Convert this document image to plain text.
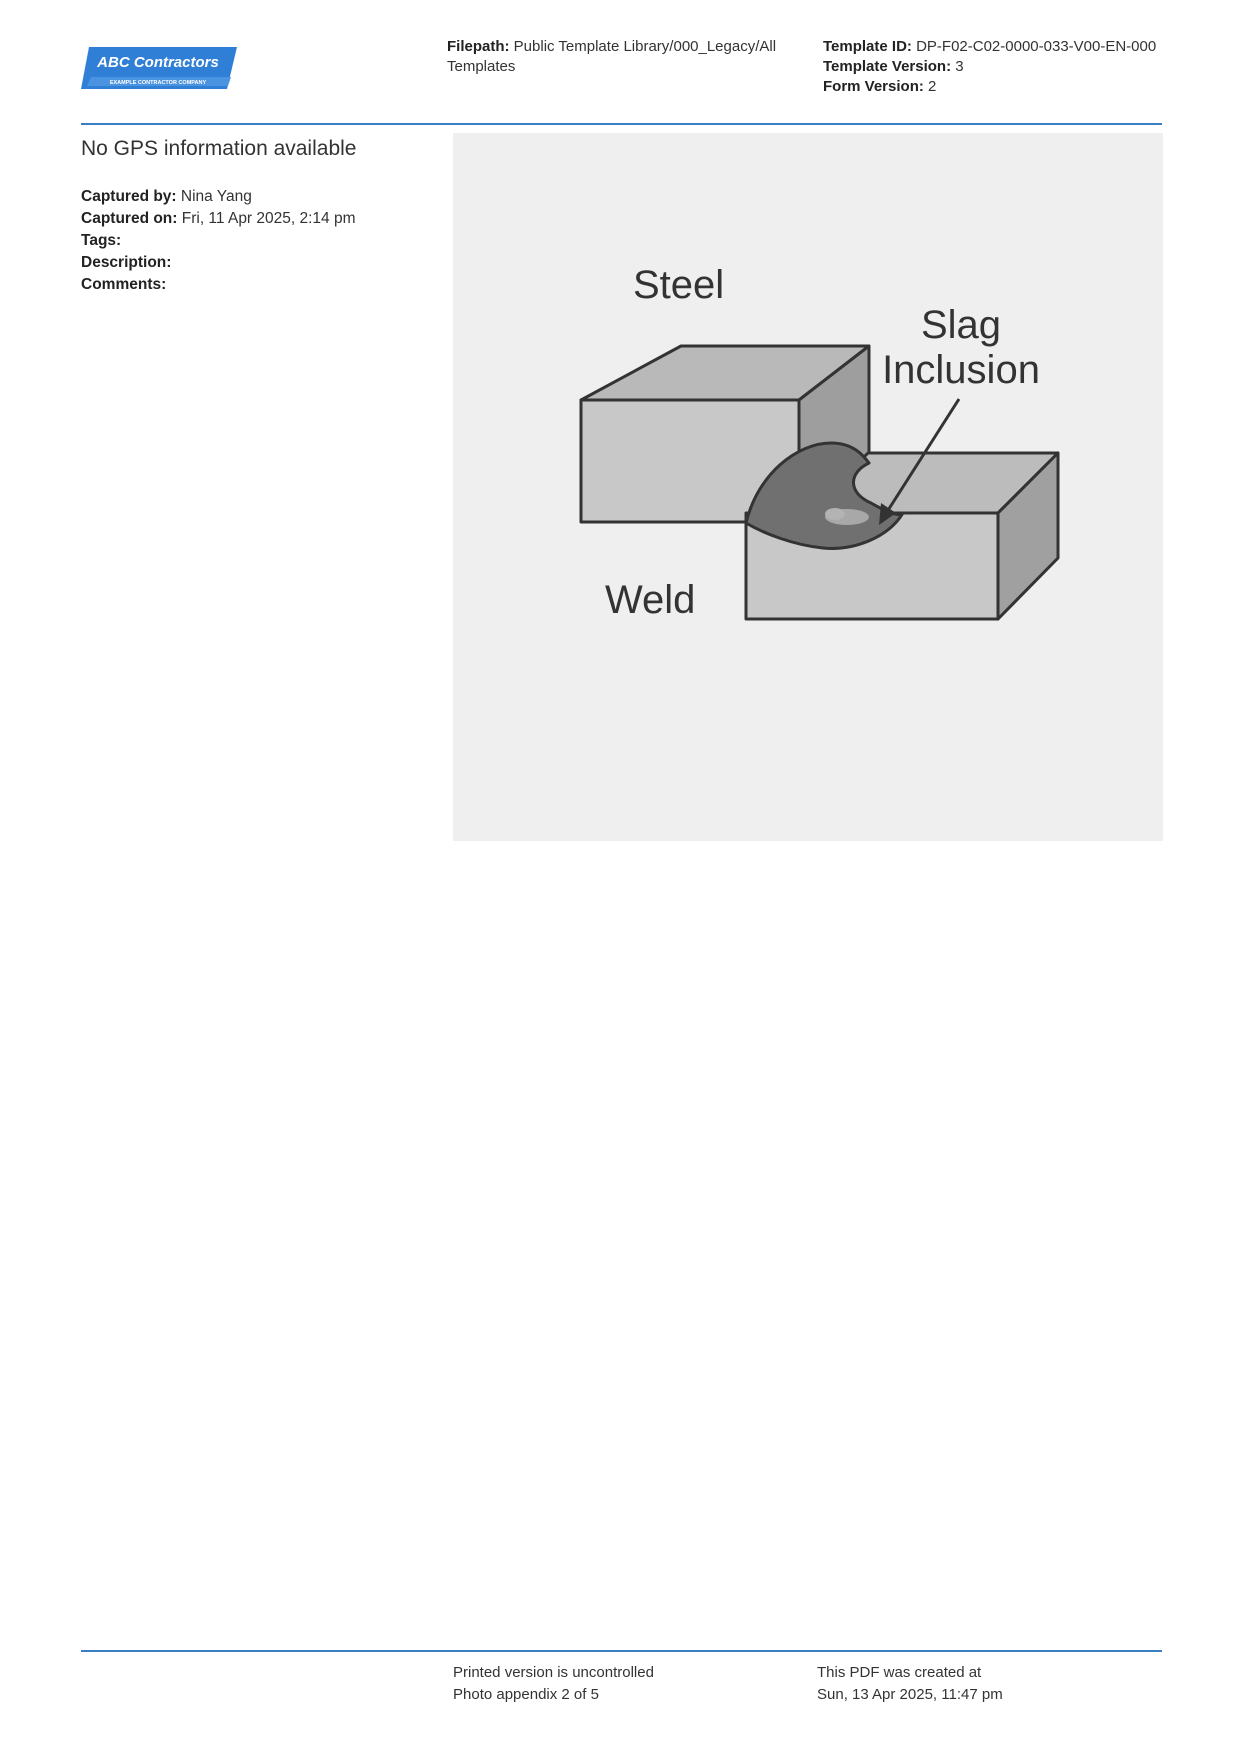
ABC Contractors
EXAMPLE CONTRACTOR COMPANY
Filepath: Public Template Library/000_Legacy/All
Templates
Template ID: DP-F02-C02-0000-033-V00-EN-000
Template Version: 3
Form Version: 2
No GPS information available
Captured by: Nina Yang
Captured on: Fri, 11 Apr 2025, 2:14 pm
Tags:
Description:
Comments:	Steel
Slag
Inclusion
Weld
Printed version is uncontrolled
Photo appendix 2 of 5
This PDF was created at
Sun, 13 Apr 2025, 11:47 pm
